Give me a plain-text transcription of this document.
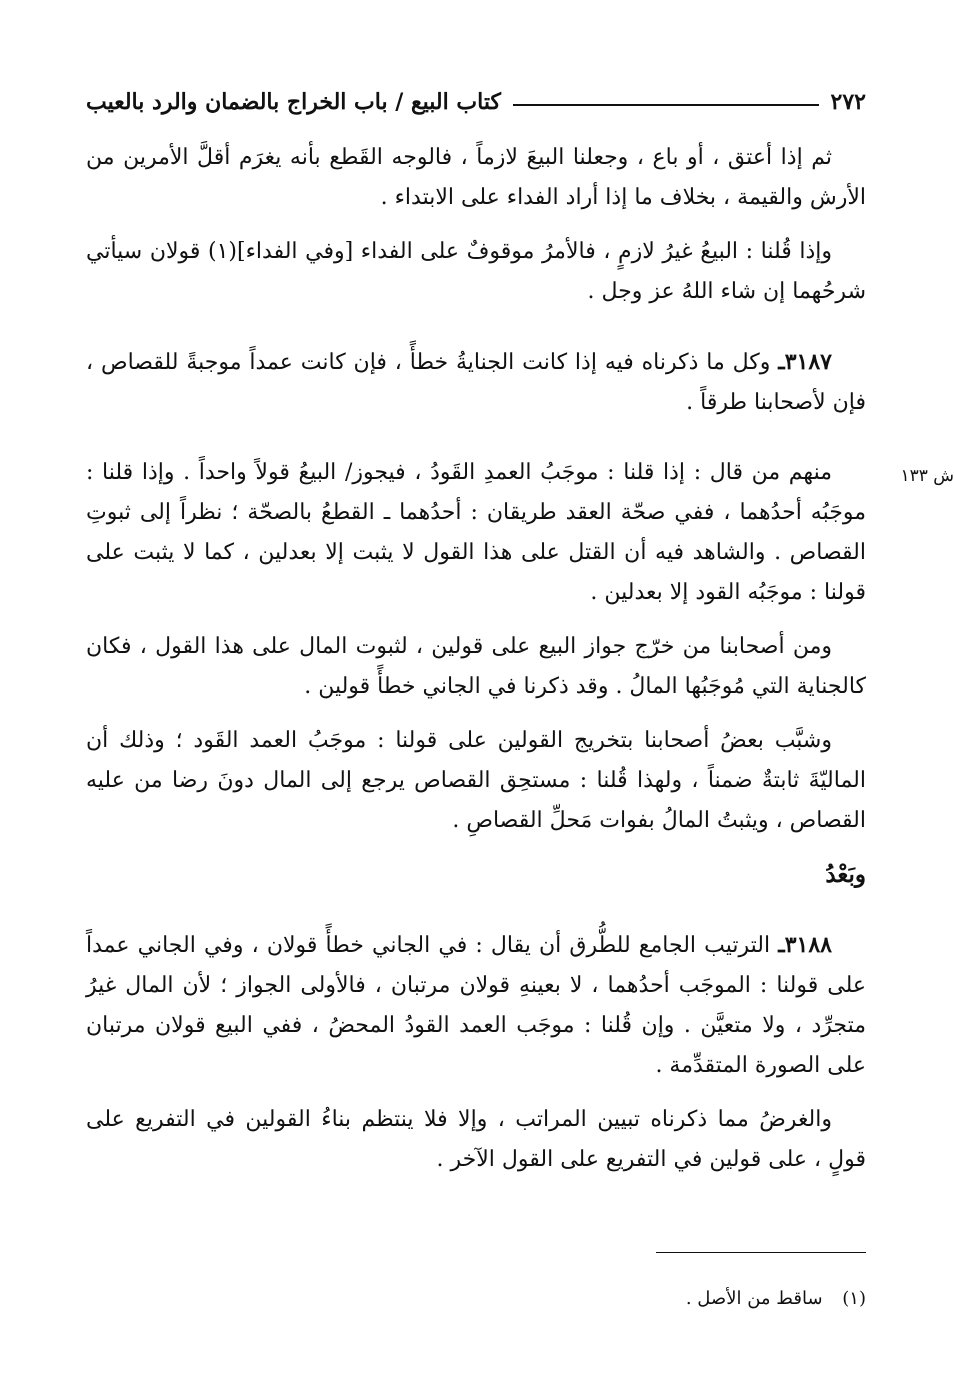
٢٧٢
كتاب البيع / باب الخراج بالضمان والرد بالعيب
ش ١٣٣

ثم إذا أعتق ، أو باع ، وجعلنا البيعَ لازماً ، فالوجه القَطع بأنه يغرَم أقلَّ الأمرين من الأرش والقيمة ، بخلاف ما إذا أراد الفداء على الابتداء .

وإذا قُلنا : البيعُ غيرُ لازمٍ ، فالأمرُ موقوفٌ على الفداء [وفي الفداء](١) قولان سيأتي شرحُهما إن شاء اللهُ عز وجل .

٣١٨٧ـ وكل ما ذكرناه فيه إذا كانت الجنايةُ خطأً ، فإن كانت عمداً موجبةً للقصاص ، فإن لأصحابنا طرقاً .

منهم من قال : إذا قلنا : موجَبُ العمدِ القَودُ ، فيجوز/ البيعُ قولاً واحداً . وإذا قلنا : موجَبُه أحدُهما ، ففي صحّة العقد طريقان : أحدُهما ـ القطعُ بالصحّة ؛ نظراً إلى ثبوتِ القصاص . والشاهد فيه أن القتل على هذا القول لا يثبت إلا بعدلين ، كما لا يثبت على قولنا : موجَبُه القود إلا بعدلين .

ومن أصحابنا من خرّج جواز البيع على قولين ، لثبوت المال على هذا القول ، فكان كالجناية التي مُوجَبُها المالُ . وقد ذكرنا في الجاني خطأً قولين .

وشبَّب بعضُ أصحابنا بتخريج القولين على قولنا : موجَبُ العمد القَود ؛ وذلك أن الماليّةَ ثابتةٌ ضمناً ، ولهذا قُلنا : مستحِق القصاص يرجع إلى المال دونَ رضا من عليه القصاص ، ويثبتُ المالُ بفوات مَحلِّ القصاصِ .

وبَعْدُ

٣١٨٨ـ الترتيب الجامع للطُّرق أن يقال : في الجاني خطأً قولان ، وفي الجاني عمداً على قولنا : الموجَب أحدُهما ، لا بعينهِ قولان مرتبان ، فالأولى الجواز ؛ لأن المال غيرُ متجرِّد ، ولا متعيَّن . وإن قُلنا : موجَب العمد القودُ المحضُ ، ففي البيع قولان مرتبان على الصورة المتقدِّمة .

والغرضُ مما ذكرناه تبيين المراتب ، وإلا فلا ينتظم بناءُ القولين في التفريع على قولٍ ، على قولين في التفريع على القول الآخر .

(١) ساقط من الأصل .
